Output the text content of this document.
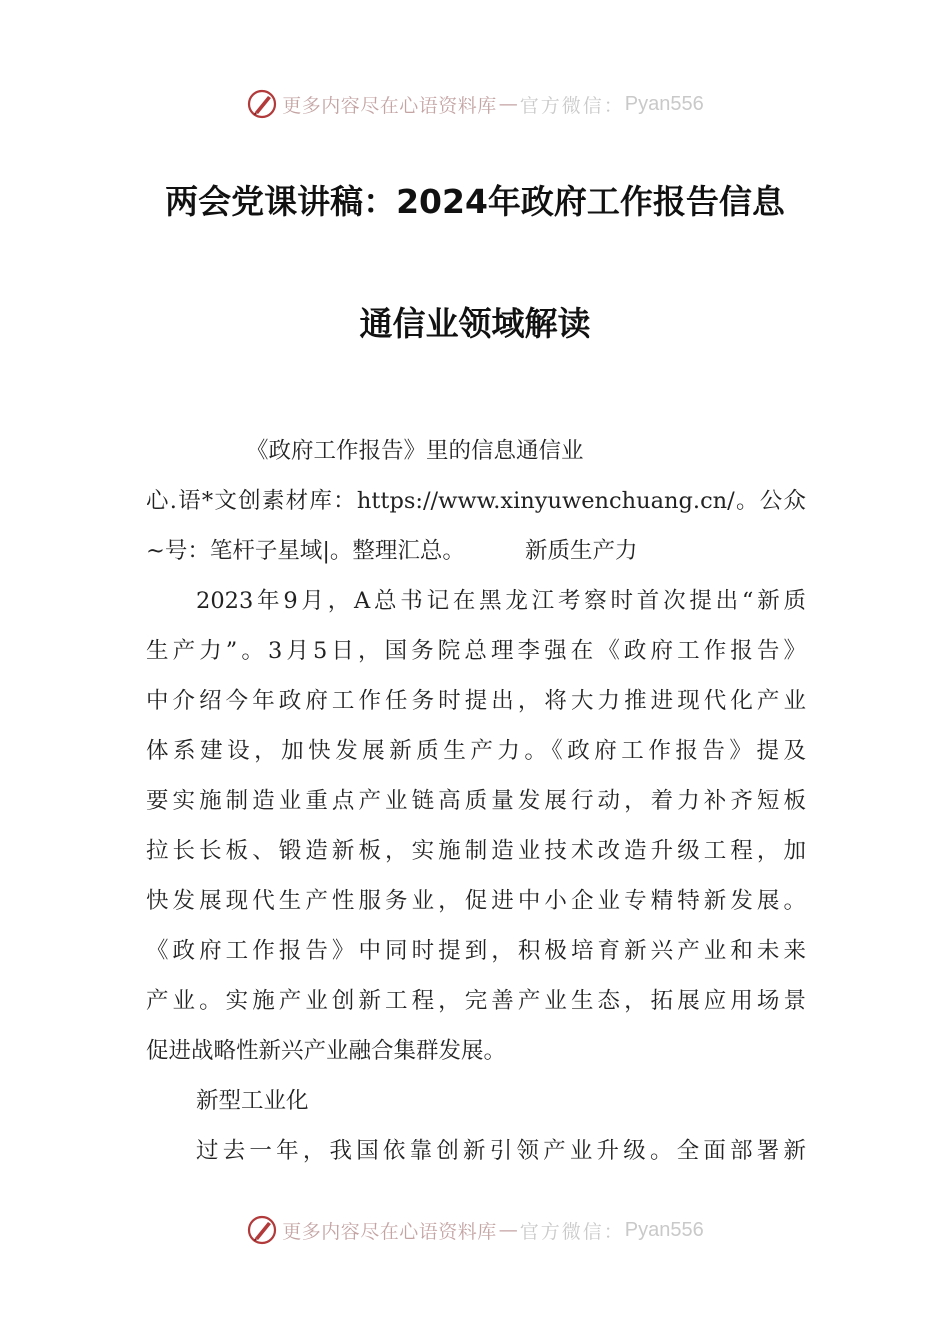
更多内容尽在心语资料库 — 官方微信： Pyan556
两会党课讲稿：2024年政府工作报告信息
通信业领域解读
《政府工作报告》里的信息通信业
心.语*文创素材库：https://www.xinyuwenchuang.cn/。公众
~号：笔杆子星域|。整理汇总。	新质生产力
2023年9月，A总书记在黑龙江考察时首次提出“新质
生产力”。3月5日，国务院总理李强在《政府工作报告》
中介绍今年政府工作任务时提出，将大力推进现代化产业
体系建设，加快发展新质生产力。《政府工作报告》提及
要实施制造业重点产业链高质量发展行动，着力补齐短板
拉长长板、锻造新板，实施制造业技术改造升级工程，加
快发展现代生产性服务业，促进中小企业专精特新发展。
《政府工作报告》中同时提到，积极培育新兴产业和未来
产业。实施产业创新工程，完善产业生态，拓展应用场景
促进战略性新兴产业融合集群发展。
新型工业化
过去一年，我国依靠创新引领产业升级。全面部署新
更多内容尽在心语资料库 — 官方微信： Pyan556
